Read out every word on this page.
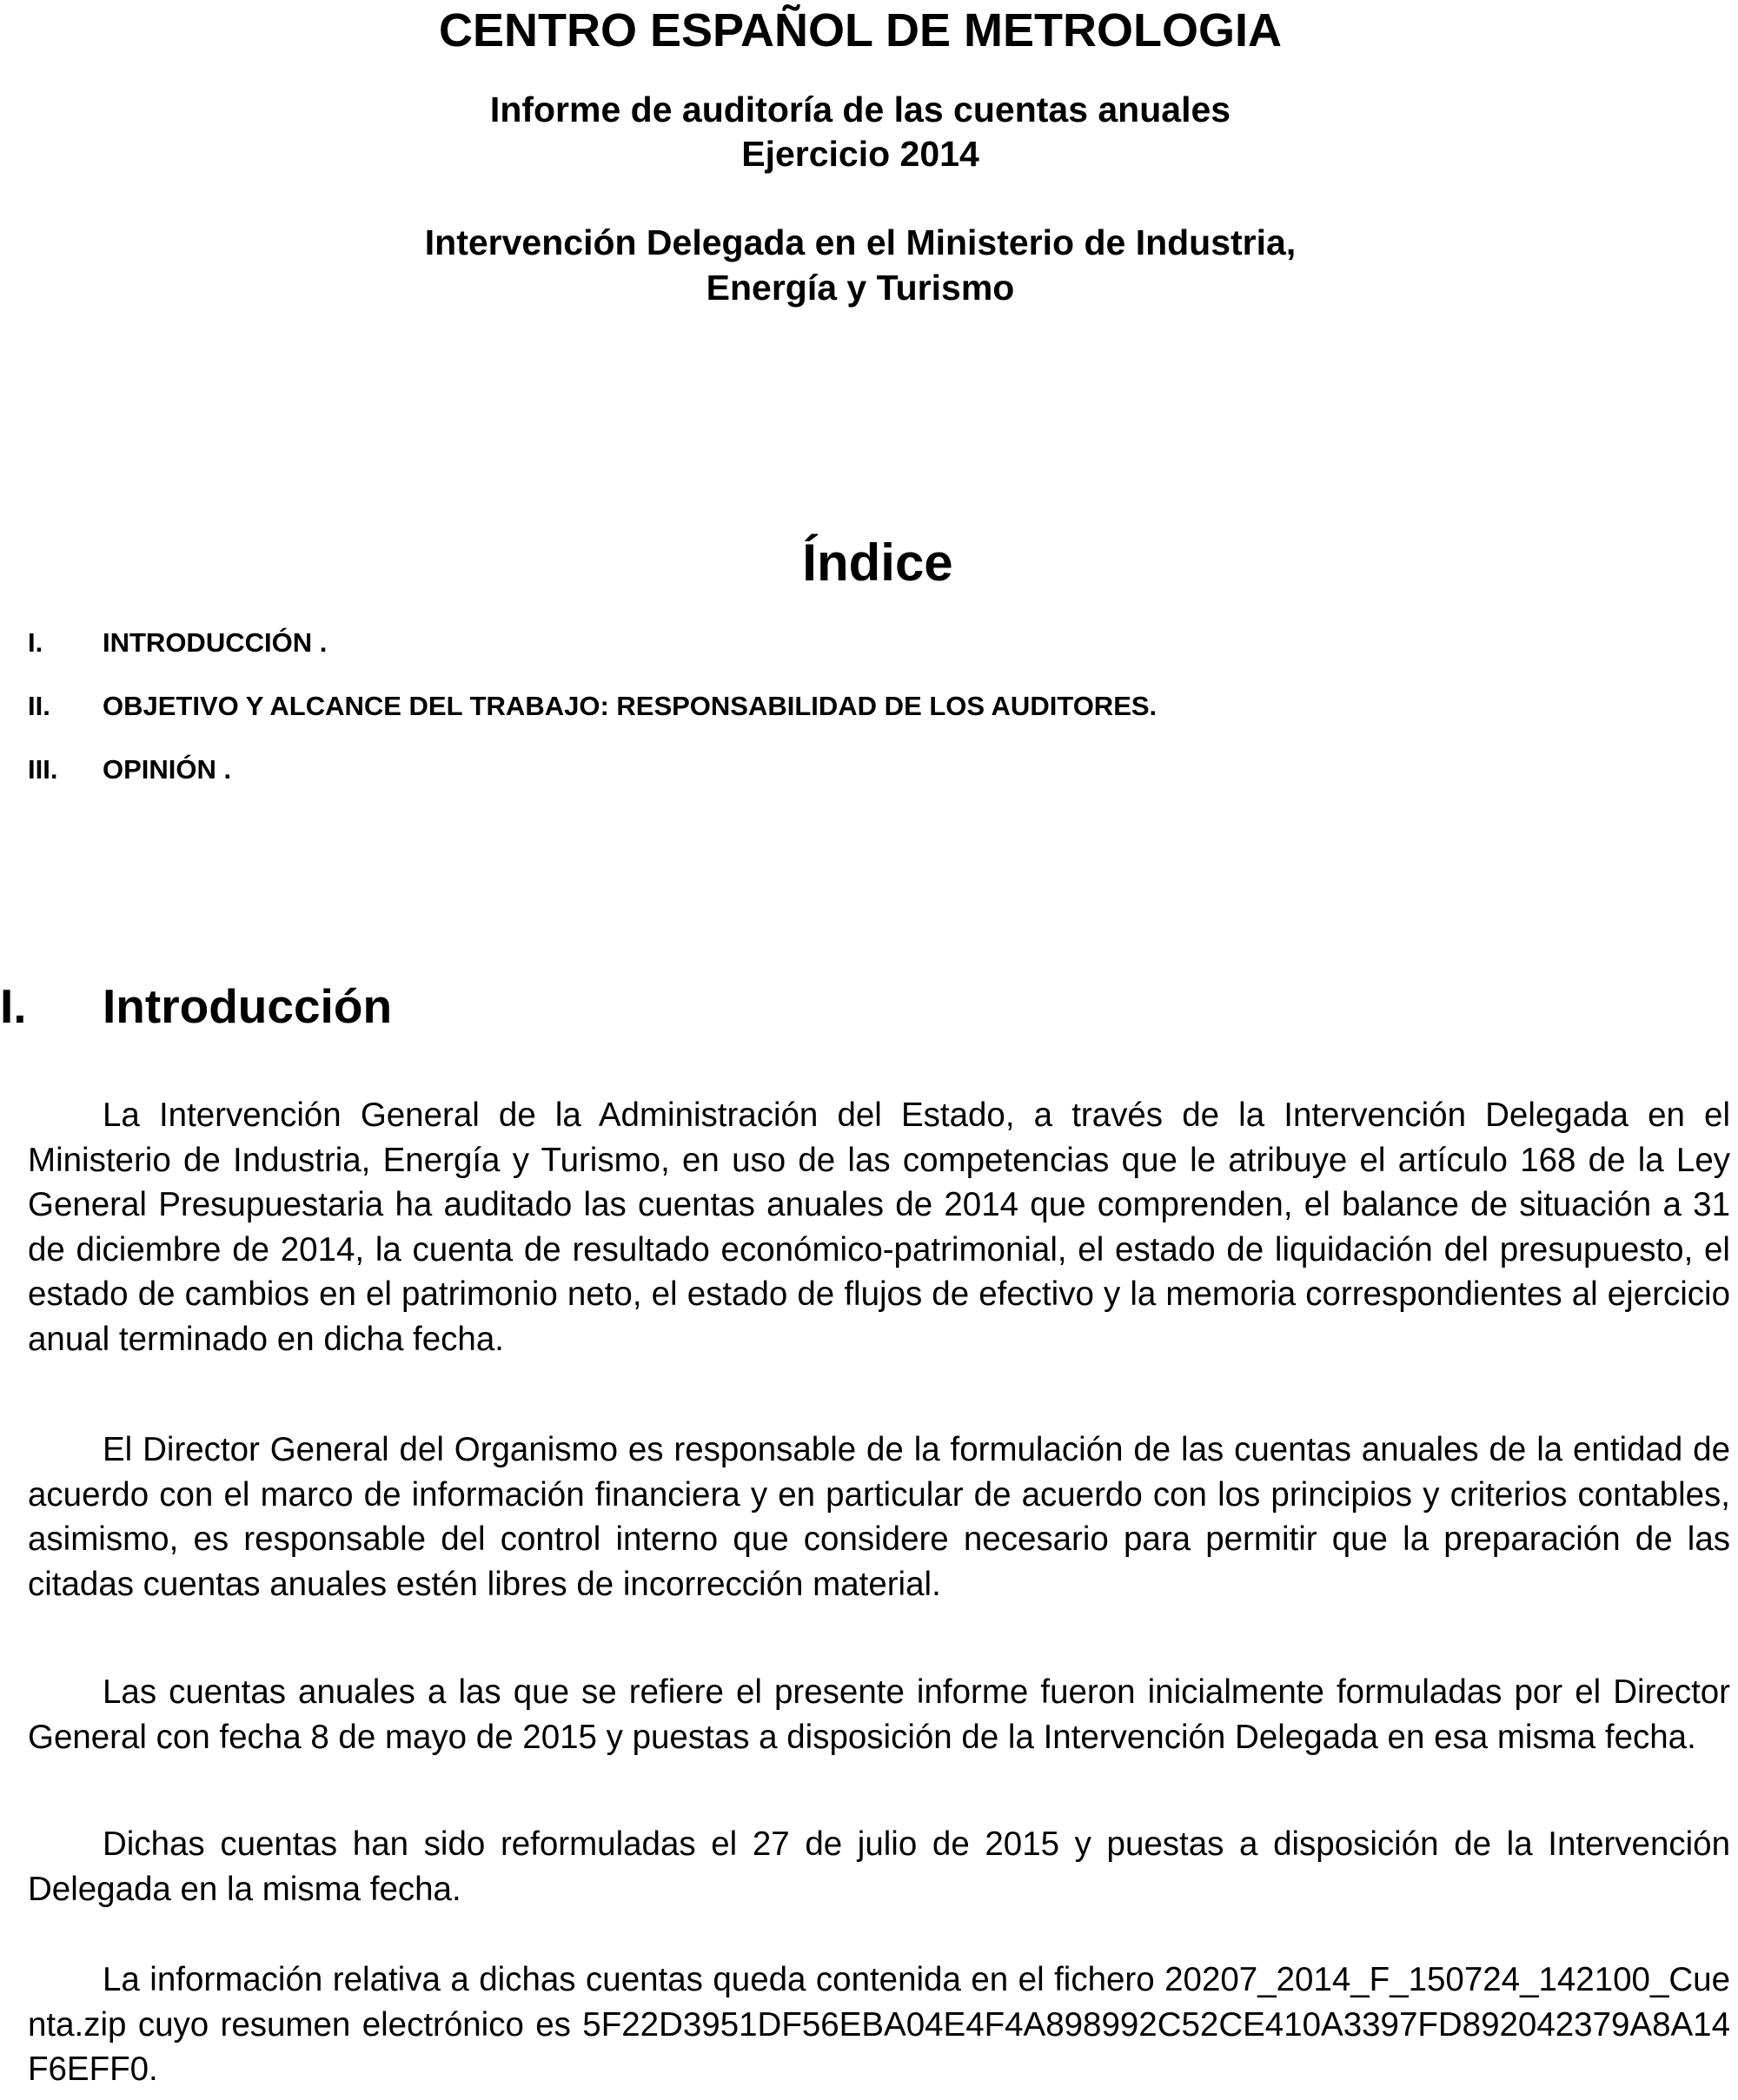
CENTRO ESPAÑOL DE METROLOGIA
Informe de auditoría de las cuentas anuales
Ejercicio 2014
Intervención Delegada en el Ministerio de Industria,
Energía y Turismo
Índice
I. INTRODUCCIÓN .
II. OBJETIVO Y ALCANCE DEL TRABAJO: RESPONSABILIDAD DE LOS AUDITORES.
III. OPINIÓN .
I. Introducción

La Intervención General de la Administración del Estado, a través de la Intervención Delegada en el Ministerio de Industria, Energía y Turismo, en uso de las competencias que le atribuye el artículo 168 de la Ley General Presupuestaria ha auditado las cuentas anuales de 2014 que comprenden, el balance de situación a 31 de diciembre de 2014, la cuenta de resultado económico-patrimonial, el estado de liquidación del presupuesto, el estado de cambios en el patrimonio neto, el estado de flujos de efectivo y la memoria correspondientes al ejercicio anual terminado en dicha fecha.

El Director General del Organismo es responsable de la formulación de las cuentas anuales de la entidad de acuerdo con el marco de información financiera y en particular de acuerdo con los principios y criterios contables, asimismo, es responsable del control interno que considere necesario para permitir que la preparación de las citadas cuentas anuales estén libres de incorrección material.

Las cuentas anuales a las que se refiere el presente informe fueron inicialmente formuladas por el Director General con fecha 8 de mayo de 2015 y puestas a disposición de la Intervención Delegada en esa misma fecha.

Dichas cuentas han sido reformuladas el 27 de julio de 2015 y puestas a disposición de la Intervención Delegada en la misma fecha.

La información relativa a dichas cuentas queda contenida en el fichero 20207_2014_F_150724_142100_Cuenta.zip cuyo resumen electrónico es 5F22D3951DF56EBA04E4F4A898992C52CE410A3397FD892042379A8A14F6EFF0.
